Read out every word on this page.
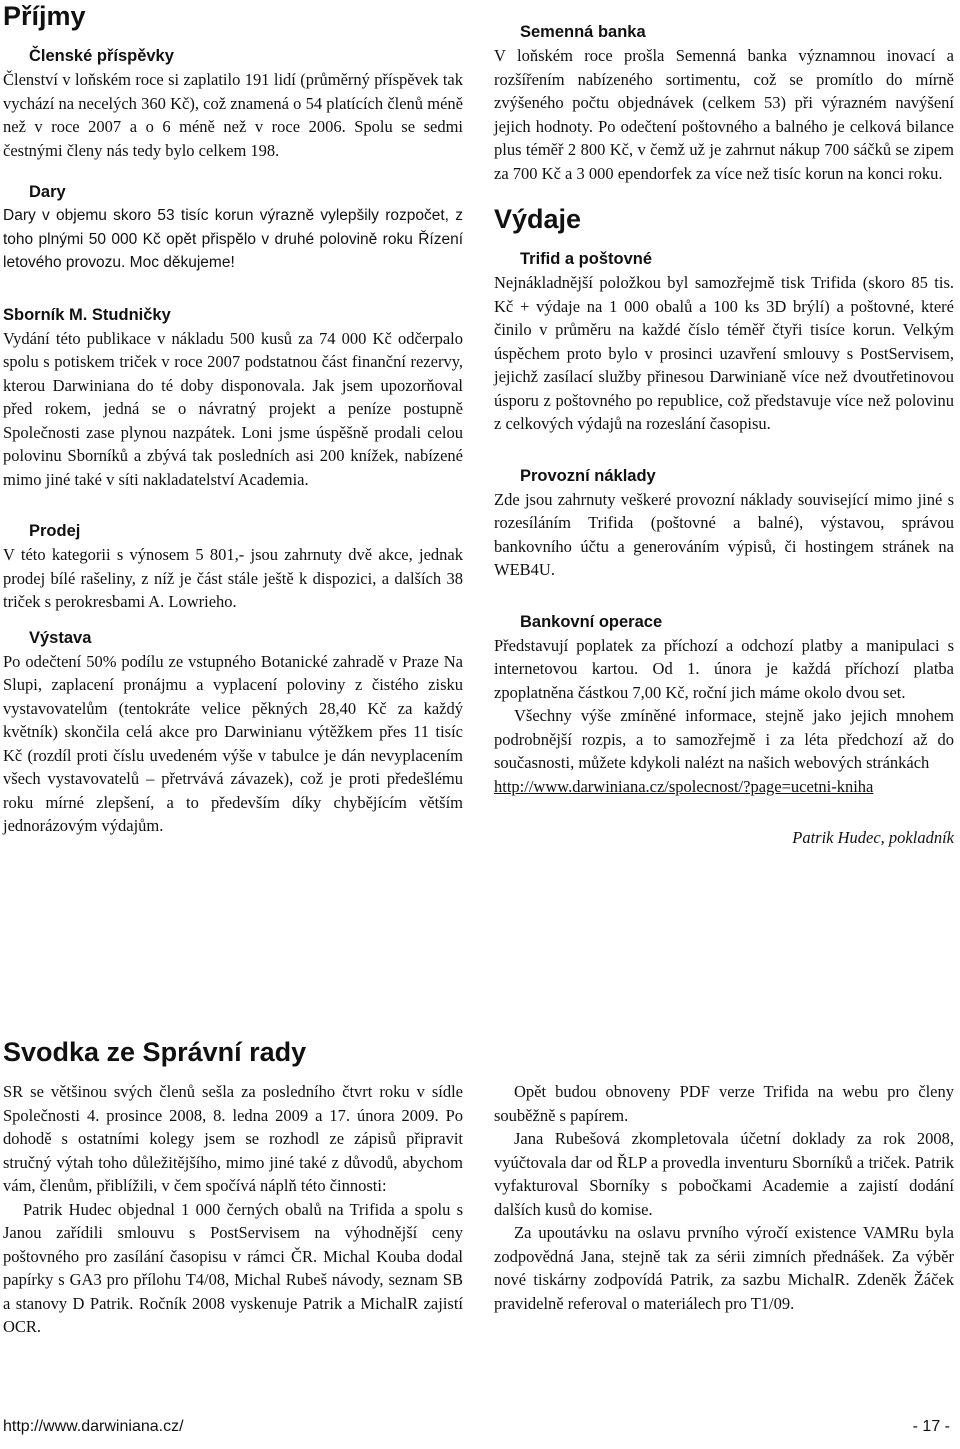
Příjmy
Členské příspěvky

Členství v loňském roce si zaplatilo 191 lidí (průměrný příspěvek tak vychází na necelých 360 Kč), což znamená o 54 platících členů méně než v roce 2007 a o 6 méně než v roce 2006. Spolu se sedmi čestnými členy nás tedy bylo celkem 198.

Dary

Dary v objemu skoro 53 tisíc korun výrazně vylepšily rozpočet, z toho plnými 50 000 Kč opět přispělo v druhé polovině roku Řízení letového provozu. Moc děkujeme!

Sborník M. Studničky

Vydání této publikace v nákladu 500 kusů za 74 000 Kč odčerpalo spolu s potiskem triček v roce 2007 podstatnou část finanční rezervy, kterou Darwiniana do té doby disponovala. Jak jsem upozorňoval před rokem, jedná se o návratný projekt a peníze postupně Společnosti zase plynou nazpátek. Loni jsme úspěšně prodali celou polovinu Sborníků a zbývá tak posledních asi 200 knížek, nabízené mimo jiné také v síti nakladatelství Academia.

Prodej

V této kategorii s výnosem 5 801,- jsou zahrnuty dvě akce, jednak prodej bílé rašeliny, z níž je část stále ještě k dispozici, a dalších 38 triček s perokresbami A. Lowrieho.

Výstava

Po odečtení 50% podílu ze vstupného Botanické zahradě v Praze Na Slupi, zaplacení pronájmu a vyplacení poloviny z čistého zisku vystavovatelům (tentokráte velice pěkných 28,40 Kč za každý květník) skončila celá akce pro Darwinianu výtěžkem přes 11 tisíc Kč (rozdíl proti číslu uvedeném výše v tabulce je dán nevyplacením všech vystavovatelů – přetrvává závazek), což je proti předešlému roku mírné zlepšení, a to především díky chybějícím větším jednorázovým výdajům.

Semenná banka

V loňském roce prošla Semenná banka významnou inovací a rozšířením nabízeného sortimentu, což se promítlo do mírně zvýšeného počtu objednávek (celkem 53) při výrazném navýšení jejich hodnoty. Po odečtení poštovného a balného je celková bilance plus téměř 2 800 Kč, v čemž už je zahrnut nákup 700 sáčků se zipem za 700 Kč a 3 000 ependorfek za více než tisíc korun na konci roku.

Výdaje
Trifid a poštovné

Nejnákladnější položkou byl samozřejmě tisk Trifida (skoro 85 tis. Kč + výdaje na 1 000 obalů a 100 ks 3D brýlí) a poštovné, které činilo v průměru na každé číslo téměř čtyři tisíce korun. Velkým úspěchem proto bylo v prosinci uzavření smlouvy s PostServisem, jejichž zasílací služby přinesou Darwinianě více než dvoutřetinovou úsporu z poštovného po republice, což představuje více než polovinu z celkových výdajů na rozeslání časopisu.

Provozní náklady

Zde jsou zahrnuty veškeré provozní náklady související mimo jiné s rozesíláním Trifida (poštovné a balné), výstavou, správou bankovního účtu a generováním výpisů, či hostingem stránek na WEB4U.

Bankovní operace

Představují poplatek za příchozí a odchozí platby a manipulaci s internetovou kartou. Od 1. února je každá příchozí platba zpoplatněna částkou 7,00 Kč, roční jich máme okolo dvou set.

Všechny výše zmíněné informace, stejně jako jejich mnohem podrobnější rozpis, a to samozřejmě i za léta předchozí až do současnosti, můžete kdykoli nalézt na našich webových stránkách

http://www.darwiniana.cz/spolecnost/?page=ucetni-kniha

Patrik Hudec, pokladník

Svodka ze Správní rady

SR se většinou svých členů sešla za posledního čtvrt roku v sídle Společnosti 4. prosince 2008, 8. ledna 2009 a 17. února 2009. Po dohodě s ostatními kolegy jsem se rozhodl ze zápisů připravit stručný výtah toho důležitějšího, mimo jiné také z důvodů, abychom vám, členům, přiblížili, v čem spočívá náplň této činnosti:

Patrik Hudec objednal 1 000 černých obalů na Trifida a spolu s Janou zařídili smlouvu s PostServisem na výhodnější ceny poštovného pro zasílání časopisu v rámci ČR. Michal Kouba dodal papírky s GA3 pro přílohu T4/08, Michal Rubeš návody, seznam SB a stanovy D Patrik. Ročník 2008 vyskenuje Patrik a MichalR zajistí OCR.

Opět budou obnoveny PDF verze Trifida na webu pro členy souběžně s papírem.

Jana Rubešová zkompletovala účetní doklady za rok 2008, vyúčtovala dar od ŘLP a provedla inventuru Sborníků a triček. Patrik vyfakturoval Sborníky s pobočkami Academie a zajistí dodání dalších kusů do komise.

Za upoutávku na oslavu prvního výročí existence VAMRu byla zodpovědná Jana, stejně tak za sérii zimních přednášek. Za výběr nové tiskárny zodpovídá Patrik, za sazbu MichalR. Zdeněk Žáček pravidelně referoval o materiálech pro T1/09.

http://www.darwiniana.cz/	- 17 -
